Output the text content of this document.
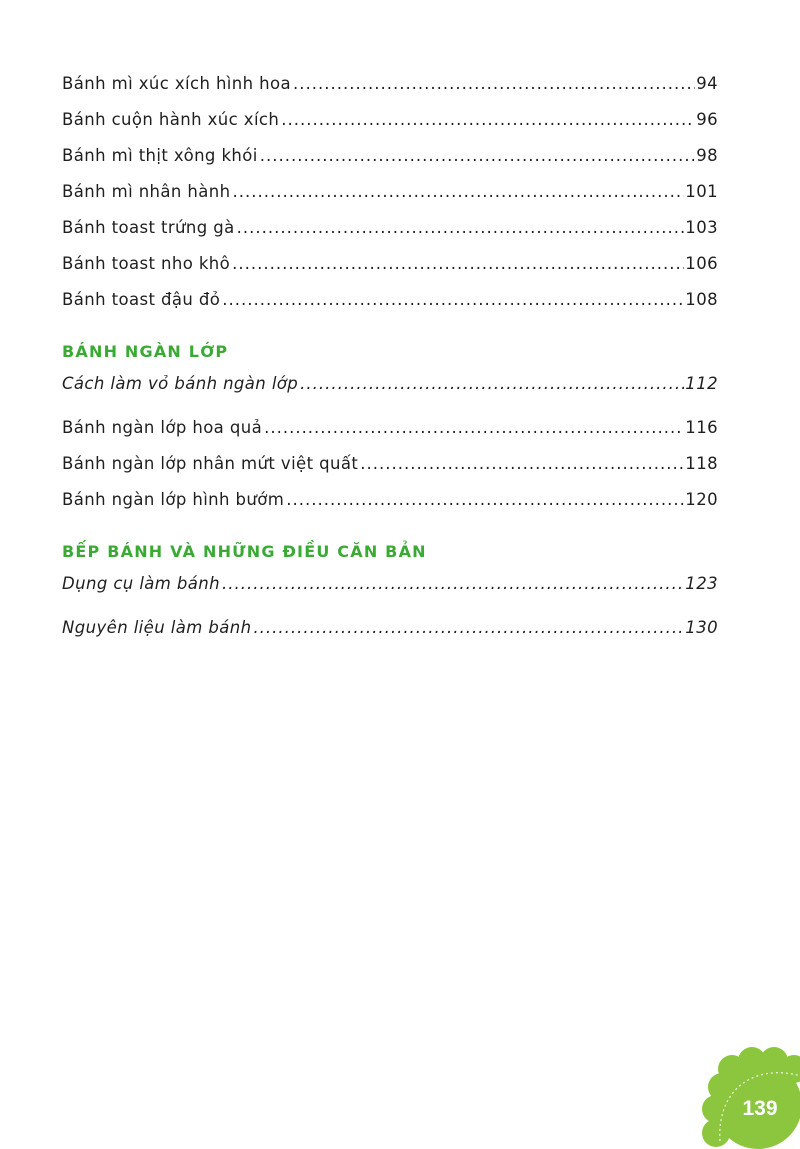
Bánh mì xúc xích hình hoa .....	94
Bánh cuộn hành xúc xích .....	96
Bánh mì thịt xông khói .....	98
Bánh mì nhân hành .....	101
Bánh toast trứng gà .....	103
Bánh toast nho khô .....	106
Bánh toast đậu đỏ .....	108
BÁNH NGÀN LỚP
Cách làm vỏ bánh ngàn lớp .....	112
Bánh ngàn lớp hoa quả .....	116
Bánh ngàn lớp nhân mứt việt quất .....	118
Bánh ngàn lớp hình bướm .....	120
BẾP BÁNH VÀ NHỮNG ĐIỀU CĂN BẢN
Dụng cụ làm bánh .....	123
Nguyên liệu làm bánh .....	130
139
